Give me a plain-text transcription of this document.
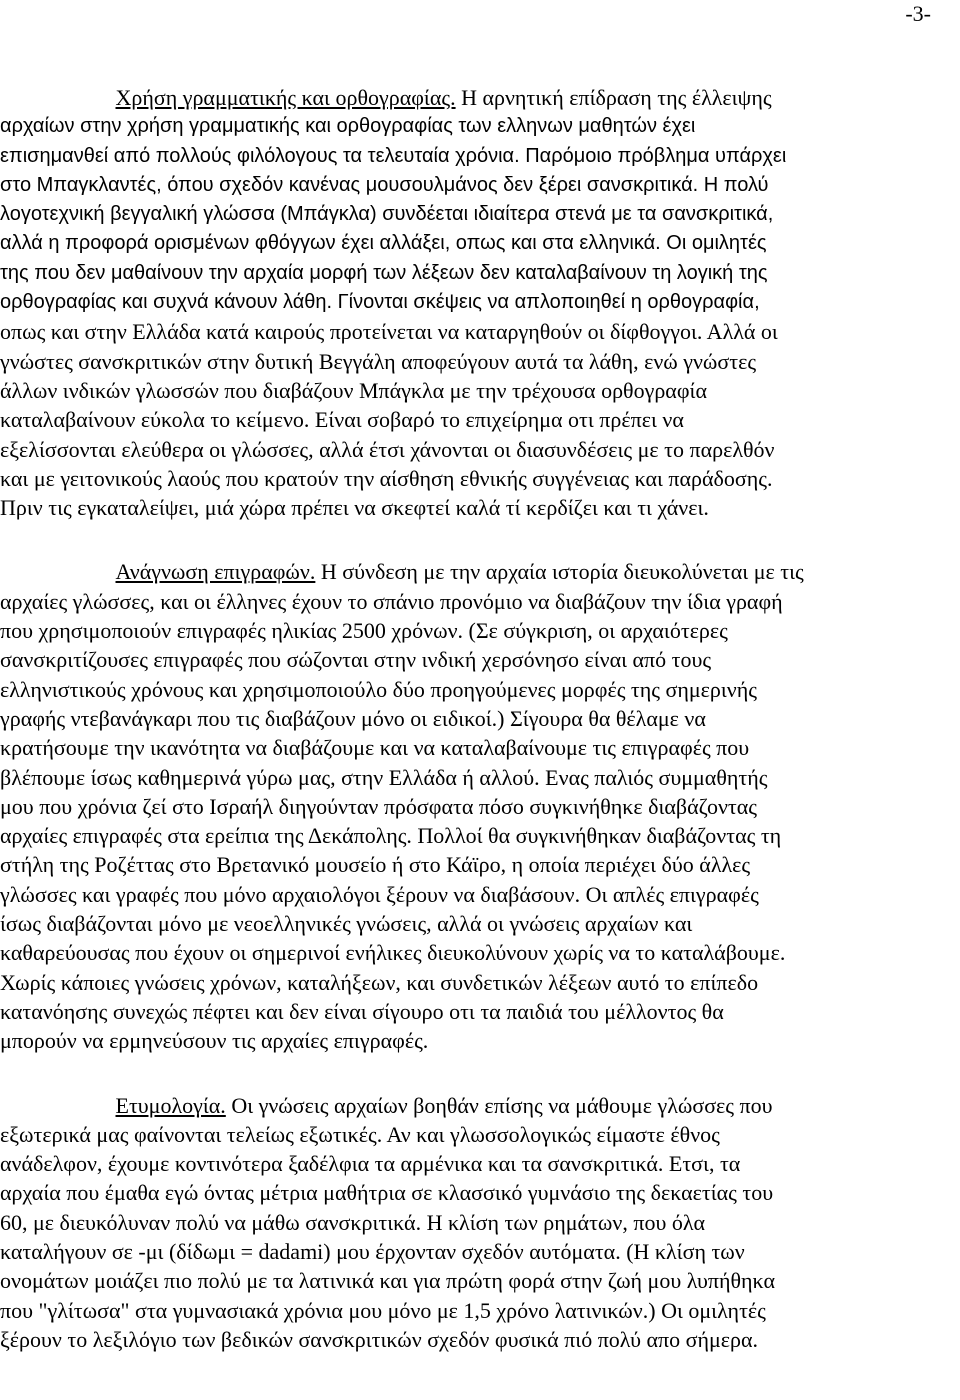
-3-
Χρήση γραμματικής και ορθογραφίας. Η αρνητική επίδραση της έλλειψης
αρχαίων στην χρήση γραμματικής και ορθογραφίας των ελληνων μαθητών έχει
επισημανθεί από πολλούς φιλόλογους τα τελευταία χρόνια. Παρόμοιο πρόβλημα υπάρχει
στο Μπαγκλαντές, όπου σχεδόν κανένας μουσουλμάνος δεν ξέρει σανσκριτικά. Η πολύ
λογοτεχνική βεγγαλική γλώσσα (Μπάγκλα) συνδέεται ιδιαίτερα στενά με τα σανσκριτικά,
αλλά η προφορά ορισμένων φθόγγων έχει αλλάξει, οπως και στα ελληνικά. Οι ομιλητές
της που δεν μαθαίνουν την αρχαία μορφή των λέξεων δεν καταλαβαίνουν τη λογική της
ορθογραφίας και συχνά κάνουν λάθη. Γίνονται σκέψεις να απλοποιηθεί η ορθογραφία,
οπως και στην Ελλάδα κατά καιρούς προτείνεται να καταργηθούν οι δίφθογγοι. Αλλά οι
γνώστες σανσκριτικών στην δυτική Βεγγάλη αποφεύγουν αυτά τα λάθη, ενώ γνώστες
άλλων ινδικών γλωσσών που διαβάζουν Μπάγκλα με την τρέχουσα ορθογραφία
καταλαβαίνουν εύκολα το κείμενο. Είναι σοβαρό το επιχείρημα οτι πρέπει να
εξελίσσονται ελεύθερα οι γλώσσες, αλλά έτσι χάνονται οι διασυνδέσεις με το παρελθόν
και με γειτονικούς λαούς που κρατούν την αίσθηση εθνικής συγγένειας και παράδοσης.
Πριν τις εγκαταλείψει, μιά χώρα πρέπει να σκεφτεί καλά τί κερδίζει και τι χάνει.
Ανάγνωση επιγραφών. Η σύνδεση με την αρχαία ιστορία διευκολύνεται με τις
αρχαίες γλώσσες, και οι έλληνες έχουν το σπάνιο προνόμιο να διαβάζουν την ίδια γραφή
που χρησιμοποιούν επιγραφές ηλικίας 2500 χρόνων. (Σε σύγκριση, οι αρχαιότερες
σανσκριτίζουσες επιγραφές που σώζονται στην ινδική χερσόνησο είναι από τους
ελληνιστικούς χρόνους και χρησιμοποιούλο δύο προηγούμενες μορφές της σημερινής
γραφής ντεβανάγκαρι που τις διαβάζουν μόνο οι ειδικοί.) Σίγουρα θα θέλαμε να
κρατήσουμε την ικανότητα να διαβάζουμε και να καταλαβαίνουμε τις επιγραφές που
βλέπουμε ίσως καθημερινά γύρω μας, στην Ελλάδα ή αλλού. Ενας παλιός συμμαθητής
μου που χρόνια ζεί στο Ισραήλ διηγούνταν πρόσφατα πόσο συγκινήθηκε διαβάζοντας
αρχαίες επιγραφές στα ερείπια της Δεκάπολης. Πολλοί θα συγκινήθηκαν διαβάζοντας τη
στήλη της Ροζέττας στο Βρετανικό μουσείο ή στο Κάϊρο, η οποία περιέχει δύο άλλες
γλώσσες και γραφές που μόνο αρχαιολόγοι ξέρουν να διαβάσουν. Οι απλές επιγραφές
ίσως διαβάζονται μόνο με νεοελληνικές γνώσεις, αλλά οι γνώσεις αρχαίων και
καθαρεύουσας που έχουν οι σημερινοί ενήλικες διευκολύνουν χωρίς να το καταλάβουμε.
Χωρίς κάποιες γνώσεις χρόνων, καταλήξεων, και συνδετικών λέξεων αυτό το επίπεδο
κατανόησης συνεχώς πέφτει και δεν είναι σίγουρο οτι τα παιδιά του μέλλοντος θα
μπορούν να ερμηνεύσουν τις αρχαίες επιγραφές.
Ετυμολογία. Οι γνώσεις αρχαίων βοηθάν επίσης να μάθουμε γλώσσες που
εξωτερικά μας φαίνονται τελείως εξωτικές. Αν και γλωσσολογικώς είμαστε έθνος
ανάδελφον, έχουμε κοντινότερα ξαδέλφια τα αρμένικα και τα σανσκριτικά. Ετσι, τα
αρχαία που έμαθα εγώ όντας μέτρια μαθήτρια σε κλασσικό γυμνάσιο της δεκαετίας του
60, με διευκόλυναν πολύ να μάθω σανσκριτικά. Η κλίση των ρημάτων, που όλα
καταλήγουν σε -μι (δίδωμι = dadami) μου έρχονταν σχεδόν αυτόματα. (Η κλίση των
ονομάτων μοιάζει πιο πολύ με τα λατινικά και για πρώτη φορά στην ζωή μου λυπήθηκα
που "γλίτωσα" στα γυμνασιακά χρόνια μου μόνο με 1,5 χρόνο λατινικών.) Οι ομιλητές
ξέρουν το λεξιλόγιο των βεδικών σανσκριτικών σχεδόν φυσικά πιό πολύ απο σήμερα.
